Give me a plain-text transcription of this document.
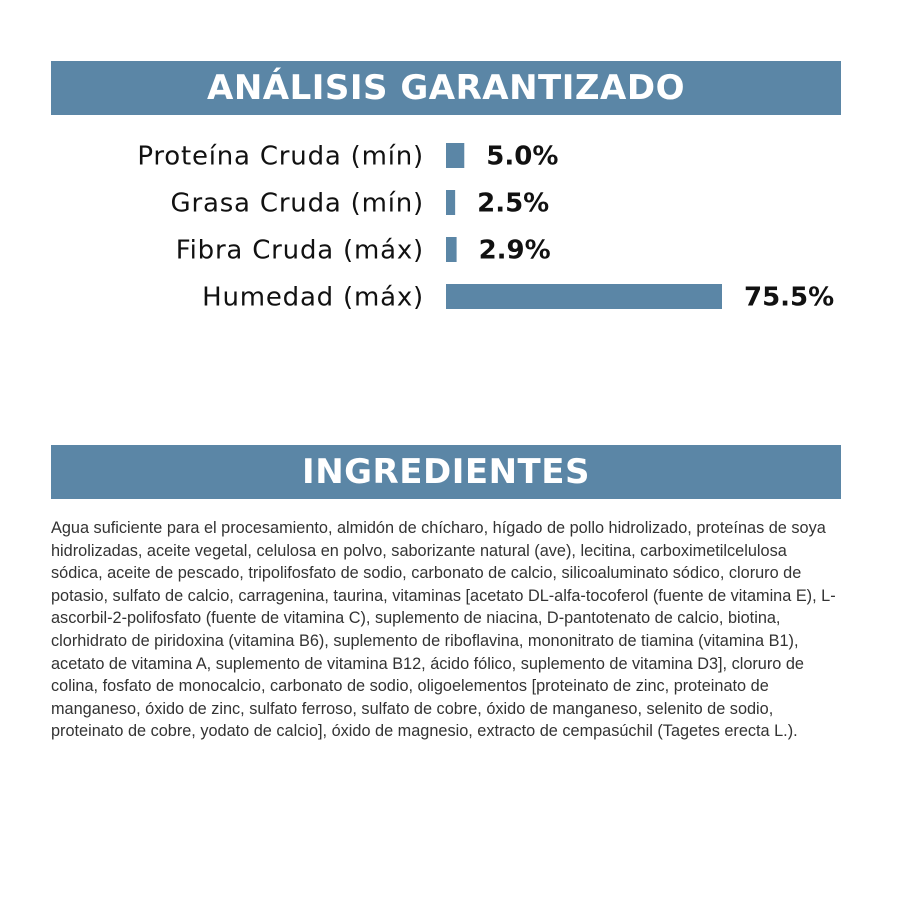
ANÁLISIS GARANTIZADO
Proteína Cruda (mín) 5.0%
Grasa Cruda (mín) 2.5%
Fibra Cruda (máx) 2.9%
Humedad (máx)	75.5%
INGREDIENTES
Agua suficiente para el procesamiento, almidón de chícharo, hígado de pollo hidrolizado, proteínas de soya hidrolizadas, aceite vegetal, celulosa en polvo, saborizante natural (ave), lecitina, carboximetilcelulosa sódica, aceite de pescado, tripolifosfato de sodio, carbonato de calcio, silicoaluminato sódico, cloruro de potasio, sulfato de calcio, carragenina, taurina, vitaminas [acetato DL-alfa-tocoferol (fuente de vitamina E), L-ascorbil-2-polifosfato (fuente de vitamina C), suplemento de niacina, D-pantotenato de calcio, biotina, clorhidrato de piridoxina (vitamina B6), suplemento de riboflavina, mononitrato de tiamina (vitamina B1), acetato de vitamina A, suplemento de vitamina B12, ácido fólico, suplemento de vitamina D3], cloruro de colina, fosfato de monocalcio, carbonato de sodio, oligoelementos [proteinato de zinc, proteinato de manganeso, óxido de zinc, sulfato ferroso, sulfato de cobre, óxido de manganeso, selenito de sodio, proteinato de cobre, yodato de calcio], óxido de magnesio, extracto de cempasúchil (Tagetes erecta L.).
